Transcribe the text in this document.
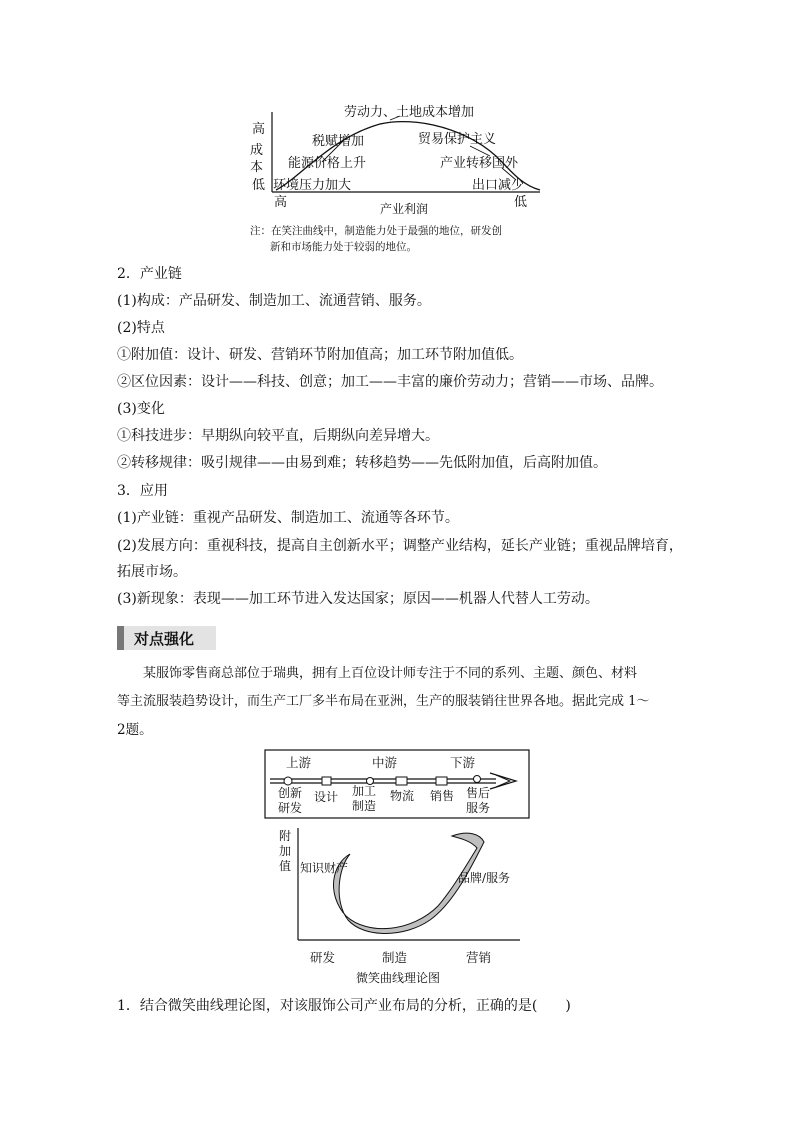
劳动力、土地成本增加
税赋增加
能源价格上升
环境压力加大
贸易保护主义
产业转移国外
出口减少
高
成
本
低
高	低
产业利润
注：在笑注曲线中，制造能力处于最强的地位，研发创
新和市场能力处于较弱的地位。
2．产业链
(1)构成：产品研发、制造加工、流通营销、服务。
(2)特点
①附加值：设计、研发、营销环节附加值高；加工环节附加值低。
②区位因素：设计——科技、创意；加工——丰富的廉价劳动力；营销——市场、品牌。
(3)变化
①科技进步：早期纵向较平直，后期纵向差异增大。
②转移规律：吸引规律——由易到难；转移趋势——先低附加值，后高附加值。
3．应用
(1)产业链：重视产品研发、制造加工、流通等各环节。
(2)发展方向：重视科技，提高自主创新水平；调整产业结构，延长产业链；重视品牌培育，
拓展市场。
(3)新现象：表现——加工环节进入发达国家；原因——机器人代替人工劳动。
对点强化
某服饰零售商总部位于瑞典，拥有上百位设计师专注于不同的系列、主题、颜色、材料
等主流服装趋势设计，而生产工厂多半布局在亚洲，生产的服装销往世界各地。据此完成 1～
2题。
上游	中游	下游
创新
研发
设计 加工
制造
物流 销售 售后
服务
附
加
值 知识财产
品牌/服务
研发	制造	营销
微笑曲线理论图
1．结合微笑曲线理论图，对该服饰公司产业布局的分析，正确的是(　　)
